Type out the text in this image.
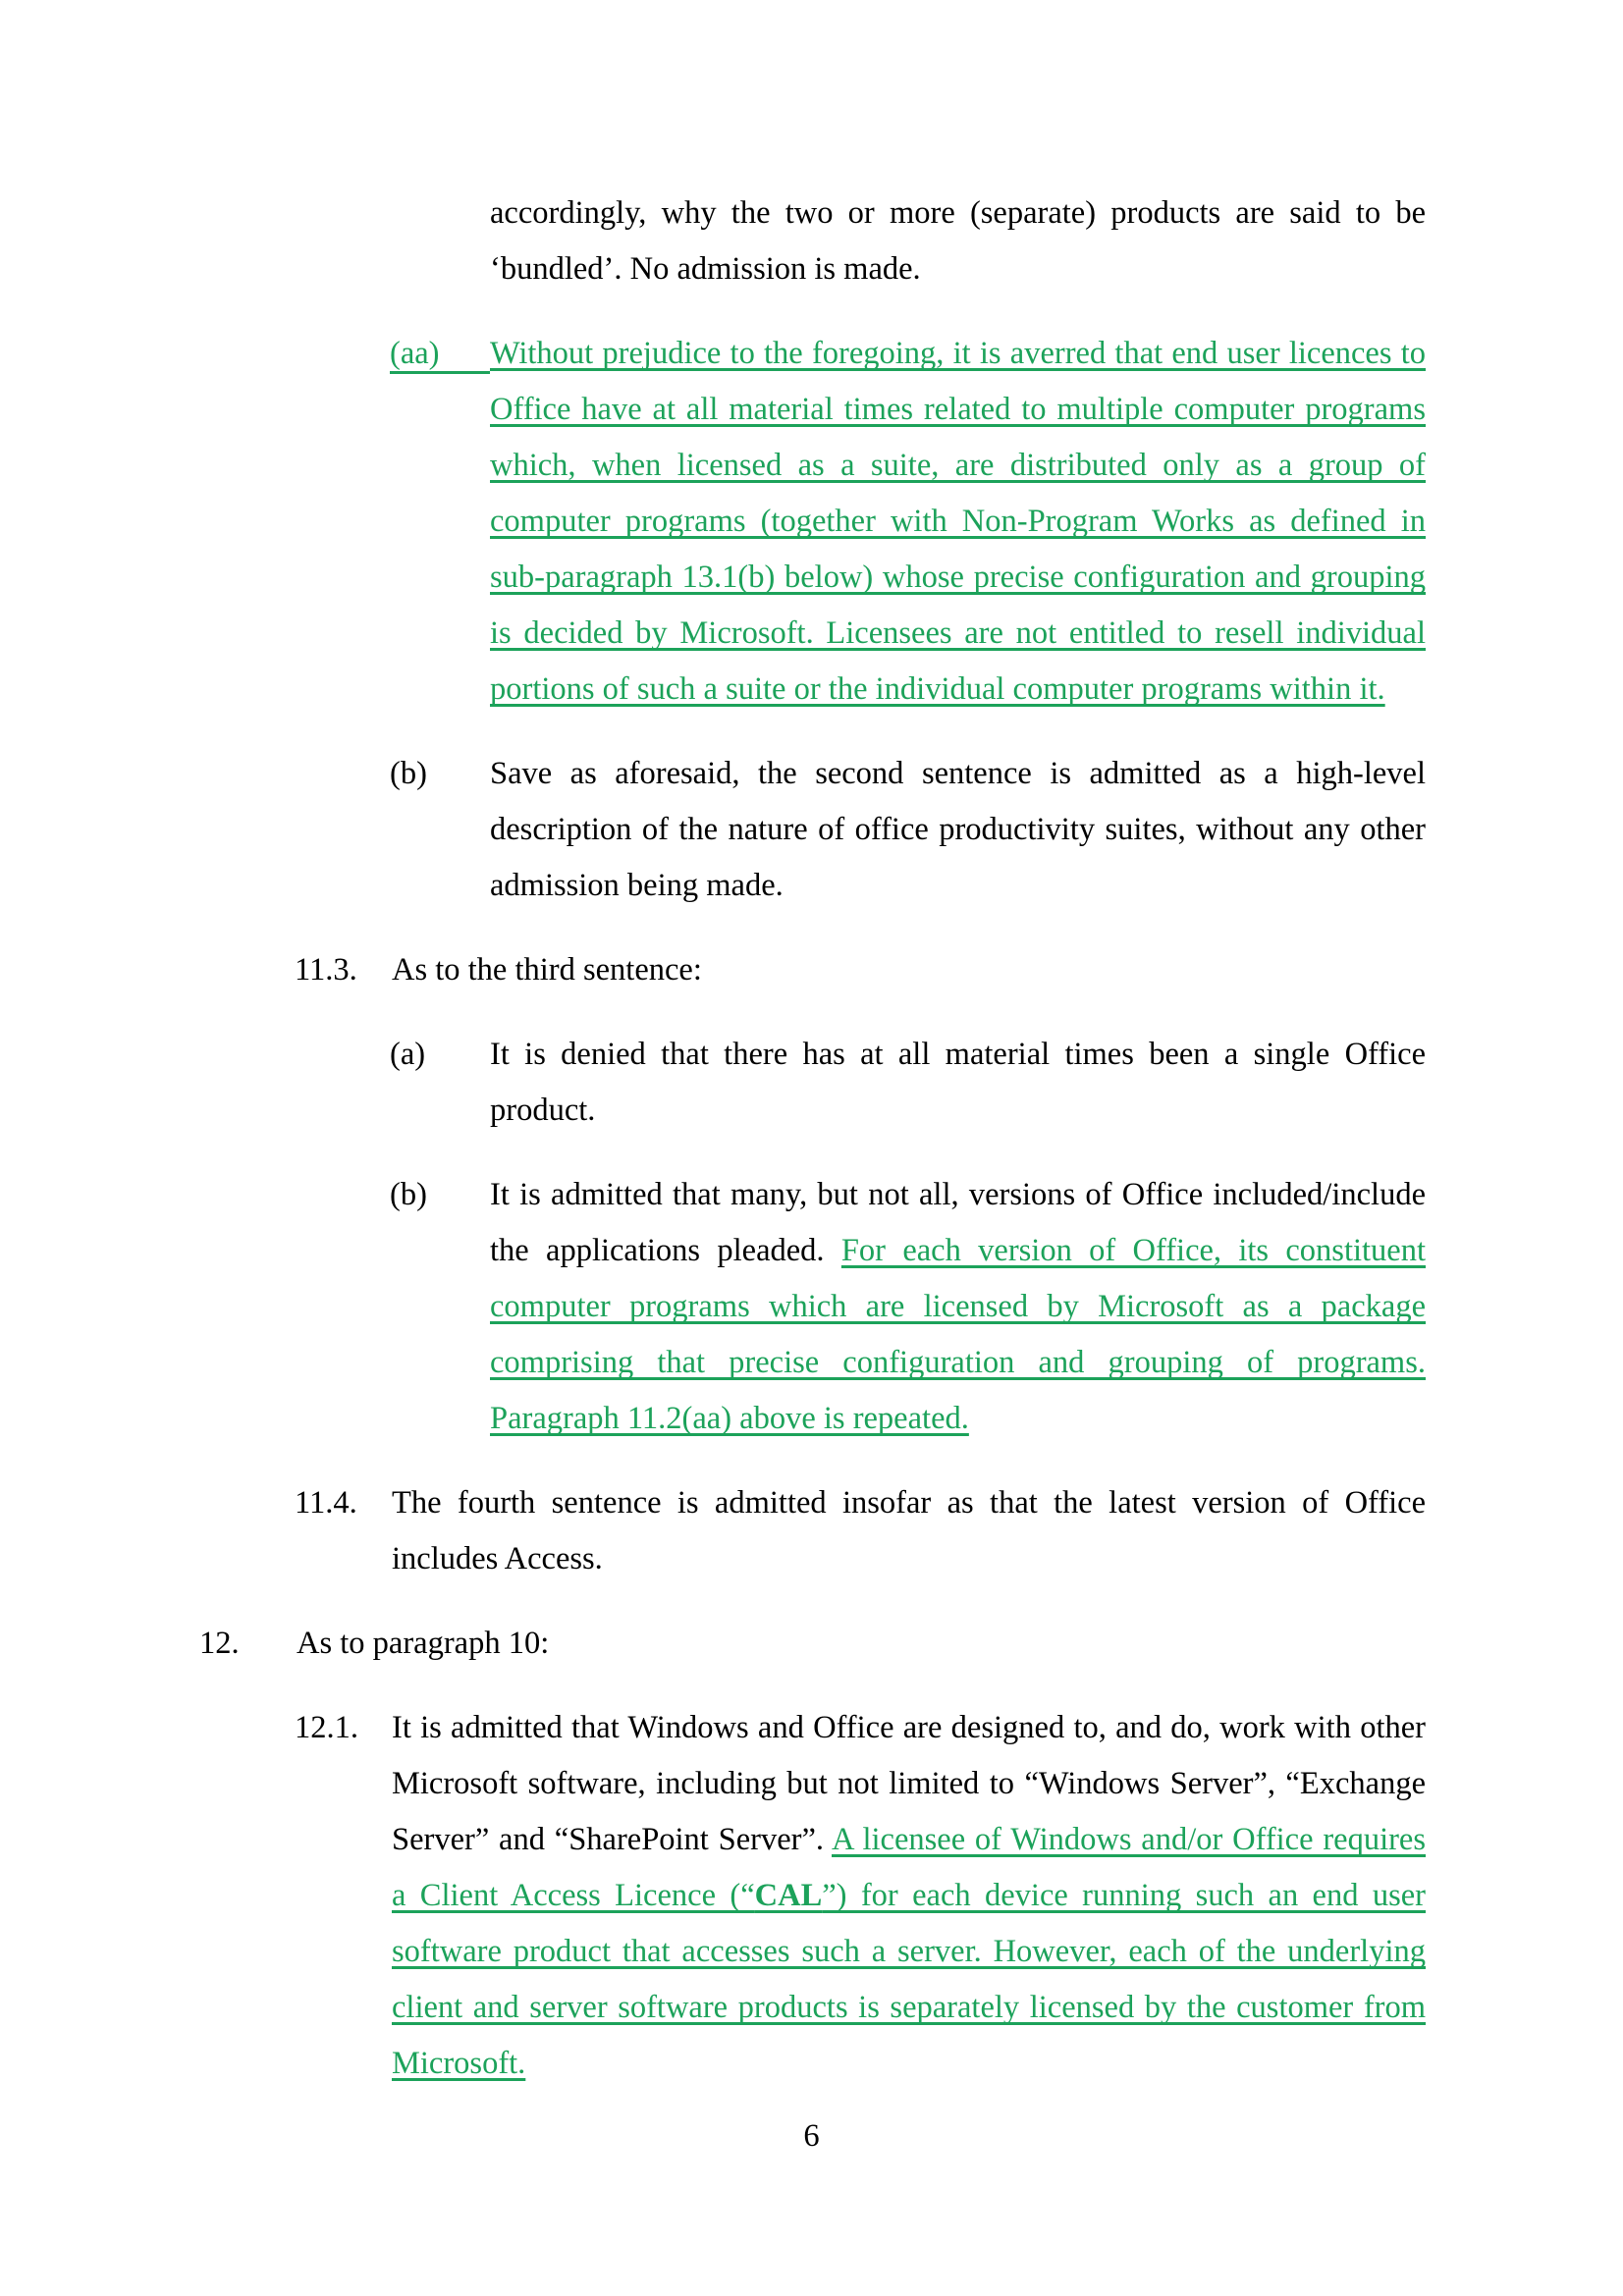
accordingly, why the two or more (separate) products are said to be
‘bundled’. No admission is made.
(aa)	Without prejudice to the foregoing, it is averred that end user licences to
Office have at all material times related to multiple computer programs
which, when licensed as a suite, are distributed only as a group of
computer programs (together with Non-Program Works as defined in
sub-paragraph 13.1(b) below) whose precise configuration and grouping
is decided by Microsoft. Licensees are not entitled to resell individual
portions of such a suite or the individual computer programs within it.
(b) Save as aforesaid, the second sentence is admitted as a high-level
description of the nature of office productivity suites, without any other
admission being made.
11.3. As to the third sentence:
(a) It is denied that there has at all material times been a single Office
product.
(b) It is admitted that many, but not all, versions of Office included/include
the applications pleaded. For each version of Office, its constituent
computer programs which are licensed by Microsoft as a package
comprising that precise configuration and grouping of programs.
Paragraph 11.2(aa) above is repeated.
11.4. The fourth sentence is admitted insofar as that the latest version of Office
includes Access.
12. As to paragraph 10:
12.1. It is admitted that Windows and Office are designed to, and do, work with other
Microsoft software, including but not limited to “Windows Server”, “Exchange
Server” and “SharePoint Server”. A licensee of Windows and/or Office requires
a Client Access Licence (“CAL”) for each device running such an end user
software product that accesses such a server. However, each of the underlying
client and server software products is separately licensed by the customer from
Microsoft.
6
